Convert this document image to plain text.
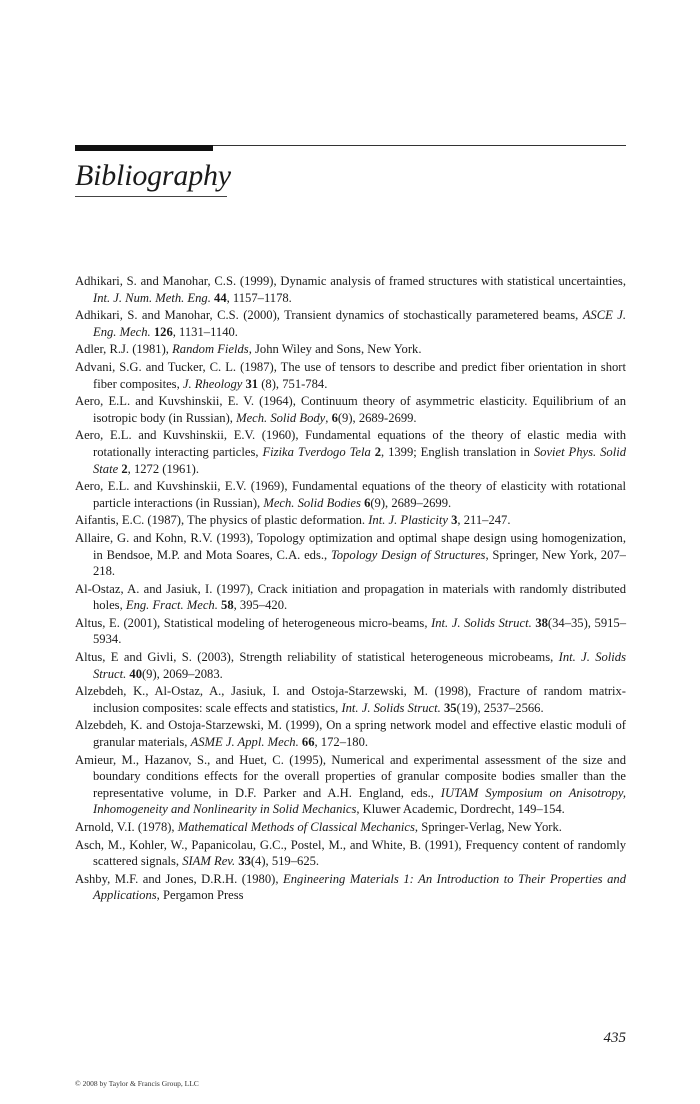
Bibliography

Adhikari, S. and Manohar, C.S. (1999), Dynamic analysis of framed structures with statistical uncertainties, Int. J. Num. Meth. Eng. 44, 1157–1178.

Adhikari, S. and Manohar, C.S. (2000), Transient dynamics of stochastically parametered beams, ASCE J. Eng. Mech. 126, 1131–1140.

Adler, R.J. (1981), Random Fields, John Wiley and Sons, New York.

Advani, S.G. and Tucker, C. L. (1987), The use of tensors to describe and predict fiber orientation in short fiber composites, J. Rheology 31 (8), 751-784.

Aero, E.L. and Kuvshinskii, E. V. (1964), Continuum theory of asymmetric elasticity. Equilibrium of an isotropic body (in Russian), Mech. Solid Body, 6(9), 2689-2699.

Aero, E.L. and Kuvshinskii, E.V. (1960), Fundamental equations of the theory of elastic media with rotationally interacting particles, Fizika Tverdogo Tela 2, 1399; English translation in Soviet Phys. Solid State 2, 1272 (1961).

Aero, E.L. and Kuvshinskii, E.V. (1969), Fundamental equations of the theory of elasticity with rotational particle interactions (in Russian), Mech. Solid Bodies 6(9), 2689–2699.

Aifantis, E.C. (1987), The physics of plastic deformation. Int. J. Plasticity 3, 211–247.

Allaire, G. and Kohn, R.V. (1993), Topology optimization and optimal shape design using homogenization, in Bendsoe, M.P. and Mota Soares, C.A. eds., Topology Design of Structures, Springer, New York, 207–218.

Al-Ostaz, A. and Jasiuk, I. (1997), Crack initiation and propagation in materials with randomly distributed holes, Eng. Fract. Mech. 58, 395–420.

Altus, E. (2001), Statistical modeling of heterogeneous micro-beams, Int. J. Solids Struct. 38(34–35), 5915–5934.

Altus, E and Givli, S. (2003), Strength reliability of statistical heterogeneous microbeams, Int. J. Solids Struct. 40(9), 2069–2083.

Alzebdeh, K., Al-Ostaz, A., Jasiuk, I. and Ostoja-Starzewski, M. (1998), Fracture of random matrix-inclusion composites: scale effects and statistics, Int. J. Solids Struct. 35(19), 2537–2566.

Alzebdeh, K. and Ostoja-Starzewski, M. (1999), On a spring network model and effective elastic moduli of granular materials, ASME J. Appl. Mech. 66, 172–180.

Amieur, M., Hazanov, S., and Huet, C. (1995), Numerical and experimental assessment of the size and boundary conditions effects for the overall properties of granular composite bodies smaller than the representative volume, in D.F. Parker and A.H. England, eds., IUTAM Symposium on Anisotropy, Inhomogeneity and Nonlinearity in Solid Mechanics, Kluwer Academic, Dordrecht, 149–154.

Arnold, V.I. (1978), Mathematical Methods of Classical Mechanics, Springer-Verlag, New York.

Asch, M., Kohler, W., Papanicolau, G.C., Postel, M., and White, B. (1991), Frequency content of randomly scattered signals, SIAM Rev. 33(4), 519–625.

Ashby, M.F. and Jones, D.R.H. (1980), Engineering Materials 1: An Introduction to Their Properties and Applications, Pergamon Press

435
© 2008 by Taylor & Francis Group, LLC
